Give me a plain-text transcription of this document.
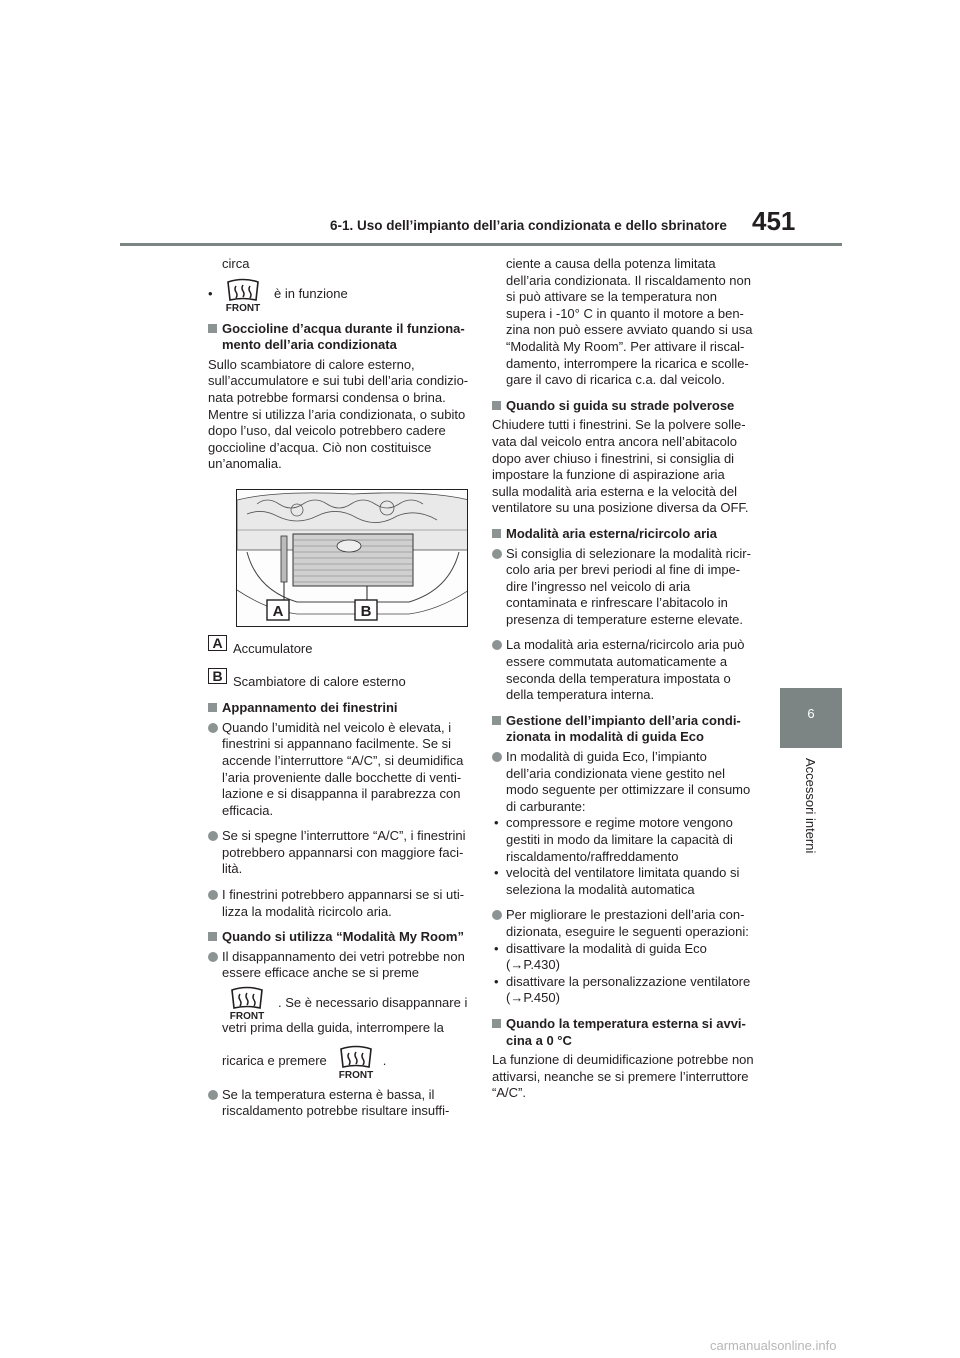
6-1. Uso dell’impianto dell’aria condizionata e dello sbrinatore 451
6
Accessori interni
circa
•
FRONT
è in funzione
Goccioline d’acqua durante il funziona-mento dell’aria condizionata
Sullo scambiatore di calore esterno, sull’accumulatore e sui tubi dell’aria condizio-nata potrebbe formarsi condensa o brina. Mentre si utilizza l’aria condizionata, o subito dopo l’uso, dal veicolo potrebbero cadere goccioline d’acqua. Ciò non costituisce un’anomalia.
A	B
A Accumulatore
B Scambiatore di calore esterno
Appannamento dei finestrini
Quando l’umidità nel veicolo è elevata, i finestrini si appannano facilmente. Se si accende l’interruttore “A/C”, si deumidifica l’aria proveniente dalle bocchette di venti-lazione e si disappanna il parabrezza con efficacia.
Se si spegne l’interruttore “A/C”, i finestrini potrebbero appannarsi con maggiore faci-lità.
I finestrini potrebbero appannarsi se si uti-lizza la modalità ricircolo aria.
Quando si utilizza “Modalità My Room”
Il disappannamento dei vetri potrebbe non essere efficace anche se si preme
FRONT
. Se è necessario disappannare i
vetri prima della guida, interrompere la
ricarica e premere
FRONT
.
Se la temperatura esterna è bassa, il riscaldamento potrebbe risultare insuffi-
ciente a causa della potenza limitata dell’aria condizionata. Il riscaldamento non si può attivare se la temperatura non supera i -10° C in quanto il motore a ben-zina non può essere avviato quando si usa “Modalità My Room”. Per attivare il riscal-damento, interrompere la ricarica e scolle-gare il cavo di ricarica c.a. dal veicolo.
Quando si guida su strade polverose
Chiudere tutti i finestrini. Se la polvere solle-vata dal veicolo entra ancora nell’abitacolo dopo aver chiuso i finestrini, si consiglia di impostare la funzione di aspirazione aria sulla modalità aria esterna e la velocità del ventilatore su una posizione diversa da OFF.
Modalità aria esterna/ricircolo aria
Si consiglia di selezionare la modalità ricir-colo aria per brevi periodi al fine di impe-dire l’ingresso nel veicolo di aria contaminata e rinfrescare l’abitacolo in presenza di temperature esterne elevate.
La modalità aria esterna/ricircolo aria può essere commutata automaticamente a seconda della temperatura impostata o della temperatura interna.
Gestione dell’impianto dell’aria condi-zionata in modalità di guida Eco
In modalità di guida Eco, l’impianto dell’aria condizionata viene gestito nel modo seguente per ottimizzare il consumo di carburante:
• compressore e regime motore vengono gestiti in modo da limitare la capacità di riscaldamento/raffreddamento
• velocità del ventilatore limitata quando si seleziona la modalità automatica
Per migliorare le prestazioni dell’aria con-dizionata, eseguire le seguenti operazioni:
• disattivare la modalità di guida Eco
(→P.430)
• disattivare la personalizzazione ventilatore
(→P.450)
Quando la temperatura esterna si avvi-cina a 0 °C
La funzione di deumidificazione potrebbe non attivarsi, neanche se si premere l’interruttore “A/C”.
carmanualsonline.info
